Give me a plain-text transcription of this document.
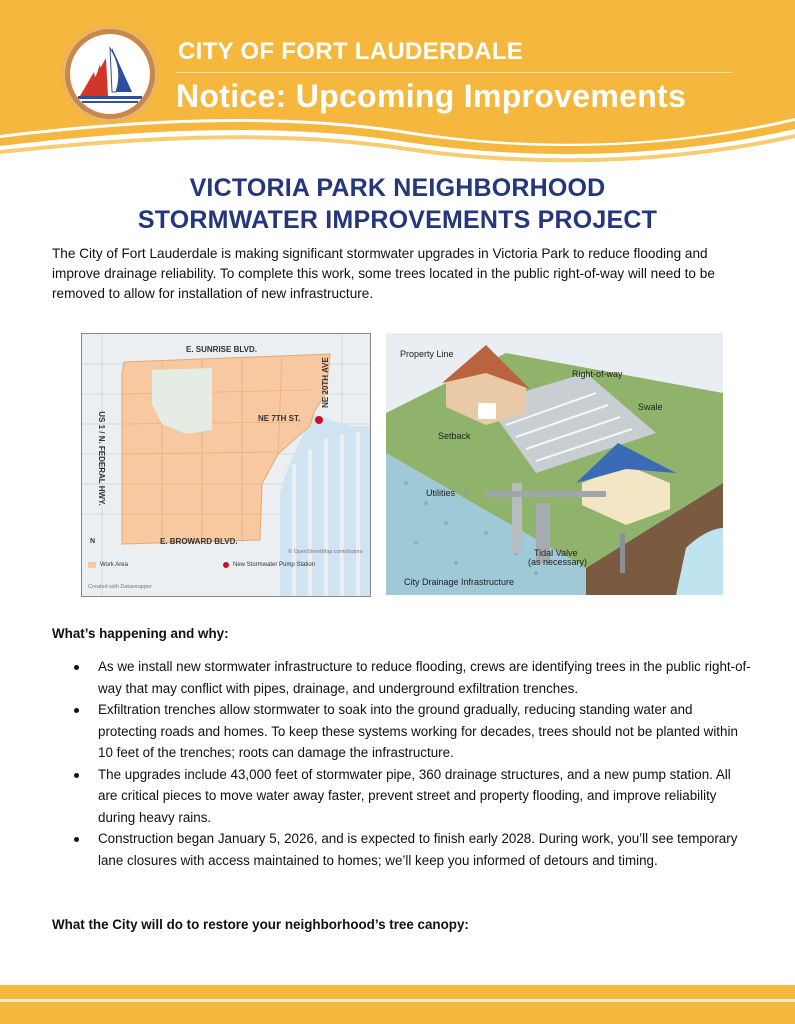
CITY OF FORT LAUDERDALE
Notice: Upcoming Improvements
VICTORIA PARK NEIGHBORHOOD
STORMWATER IMPROVEMENTS PROJECT
The City of Fort Lauderdale is making significant stormwater upgrades in Victoria Park to reduce flooding and improve drainage reliability. To complete this work, some trees located in the public right-of-way will need to be removed to allow for installation of new infrastructure.
E. SUNRISE BLVD.
E. BROWARD BLVD.
NE 7TH ST.
US 1 / N. FEDERAL HWY.
NE 20TH AVE
N
© OpenStreetMap contributors
Work Area	New Stormwater Pump Station
Created with Datawrapper
Property Line
Right-of-way
Swale
Setback
Utilities
Tidal Valve
(as necessary)
City Drainage Infrastructure
What’s happening and why:
As we install new stormwater infrastructure to reduce flooding, crews are identifying trees in the public right-of-way that may conflict with pipes, drainage, and underground exfiltration trenches.
Exfiltration trenches allow stormwater to soak into the ground gradually, reducing standing water and protecting roads and homes. To keep these systems working for decades, trees should not be planted within 10 feet of the trenches; roots can damage the infrastructure.
The upgrades include 43,000 feet of stormwater pipe, 360 drainage structures, and a new pump station. All are critical pieces to move water away faster, prevent street and property flooding, and improve reliability during heavy rains.
Construction began January 5, 2026, and is expected to finish early 2028. During work, you’ll see temporary lane closures with access maintained to homes; we’ll keep you informed of detours and timing.
What the City will do to restore your neighborhood’s tree canopy:
